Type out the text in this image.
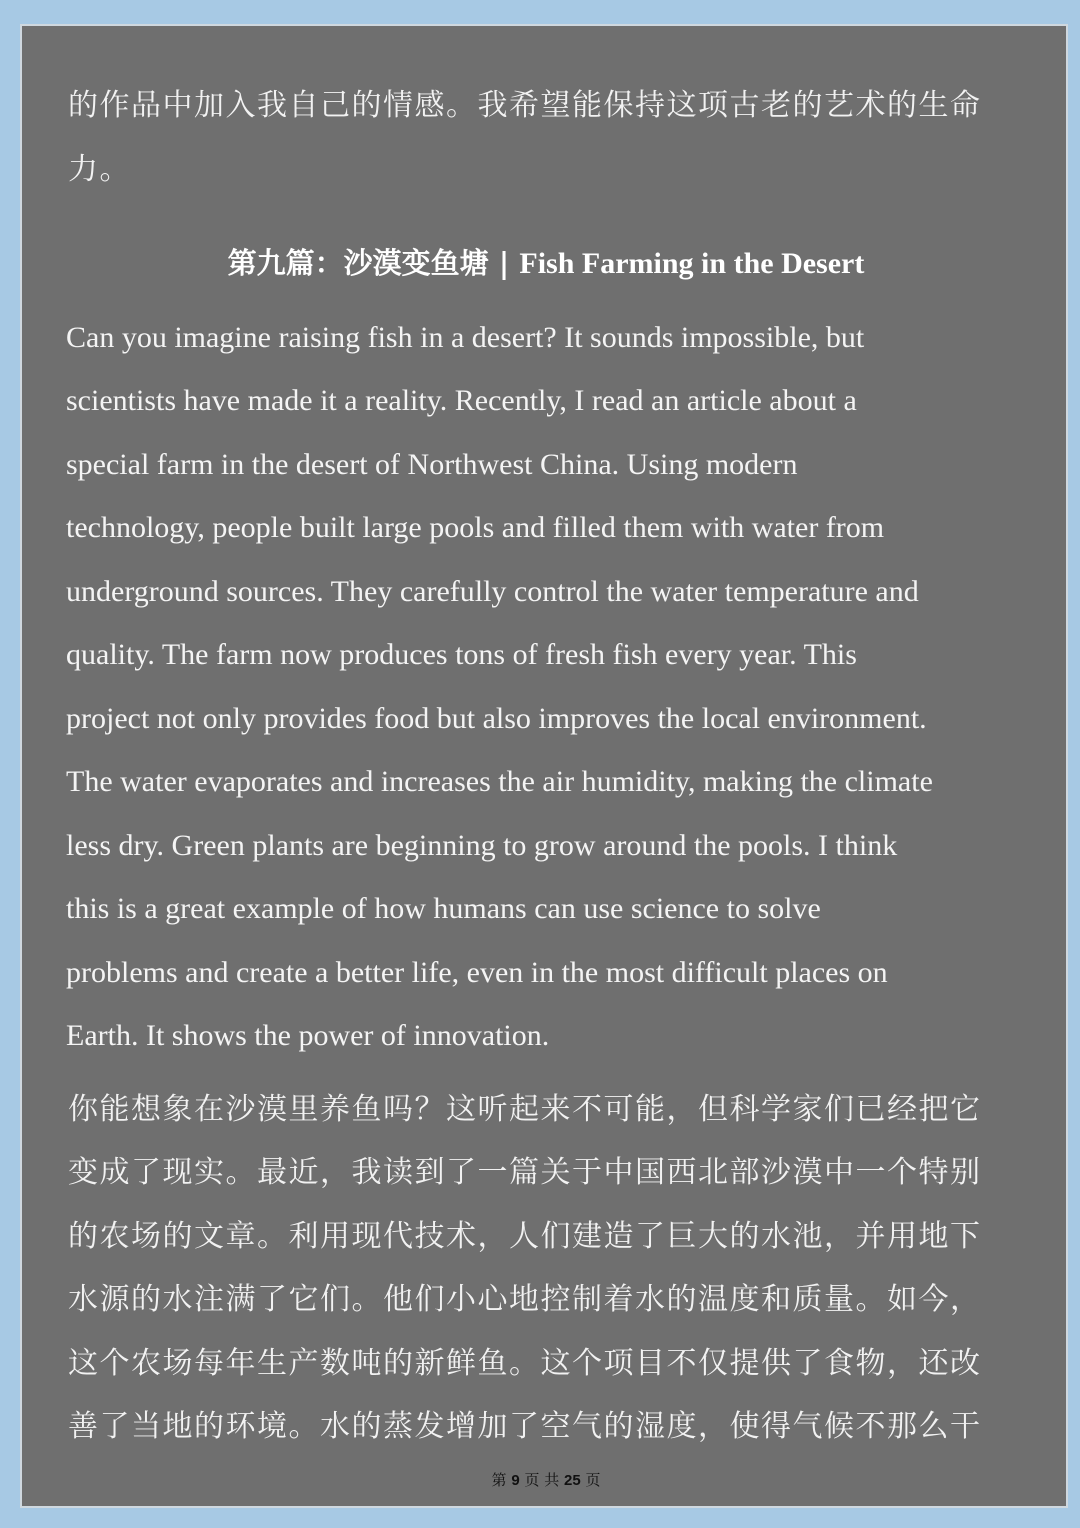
的作品中加入我自己的情感。我希望能保持这项古老的艺术的生命
力。
第九篇：沙漠变鱼塘 | Fish Farming in the Desert
Can you imagine raising fish in a desert? It sounds impossible, but
scientists have made it a reality. Recently, I read an article about a
special farm in the desert of Northwest China. Using modern
technology, people built large pools and filled them with water from
underground sources. They carefully control the water temperature and
quality. The farm now produces tons of fresh fish every year. This
project not only provides food but also improves the local environment.
The water evaporates and increases the air humidity, making the climate
less dry. Green plants are beginning to grow around the pools. I think
this is a great example of how humans can use science to solve
problems and create a better life, even in the most difficult places on
Earth. It shows the power of innovation.
你能想象在沙漠里养鱼吗？这听起来不可能，但科学家们已经把它
变成了现实。最近，我读到了一篇关于中国西北部沙漠中一个特别
的农场的文章。利用现代技术，人们建造了巨大的水池，并用地下
水源的水注满了它们。他们小心地控制着水的温度和质量。如今，
这个农场每年生产数吨的新鲜鱼。这个项目不仅提供了食物，还改
善了当地的环境。水的蒸发增加了空气的湿度，使得气候不那么干
第 9 页 共 25 页
